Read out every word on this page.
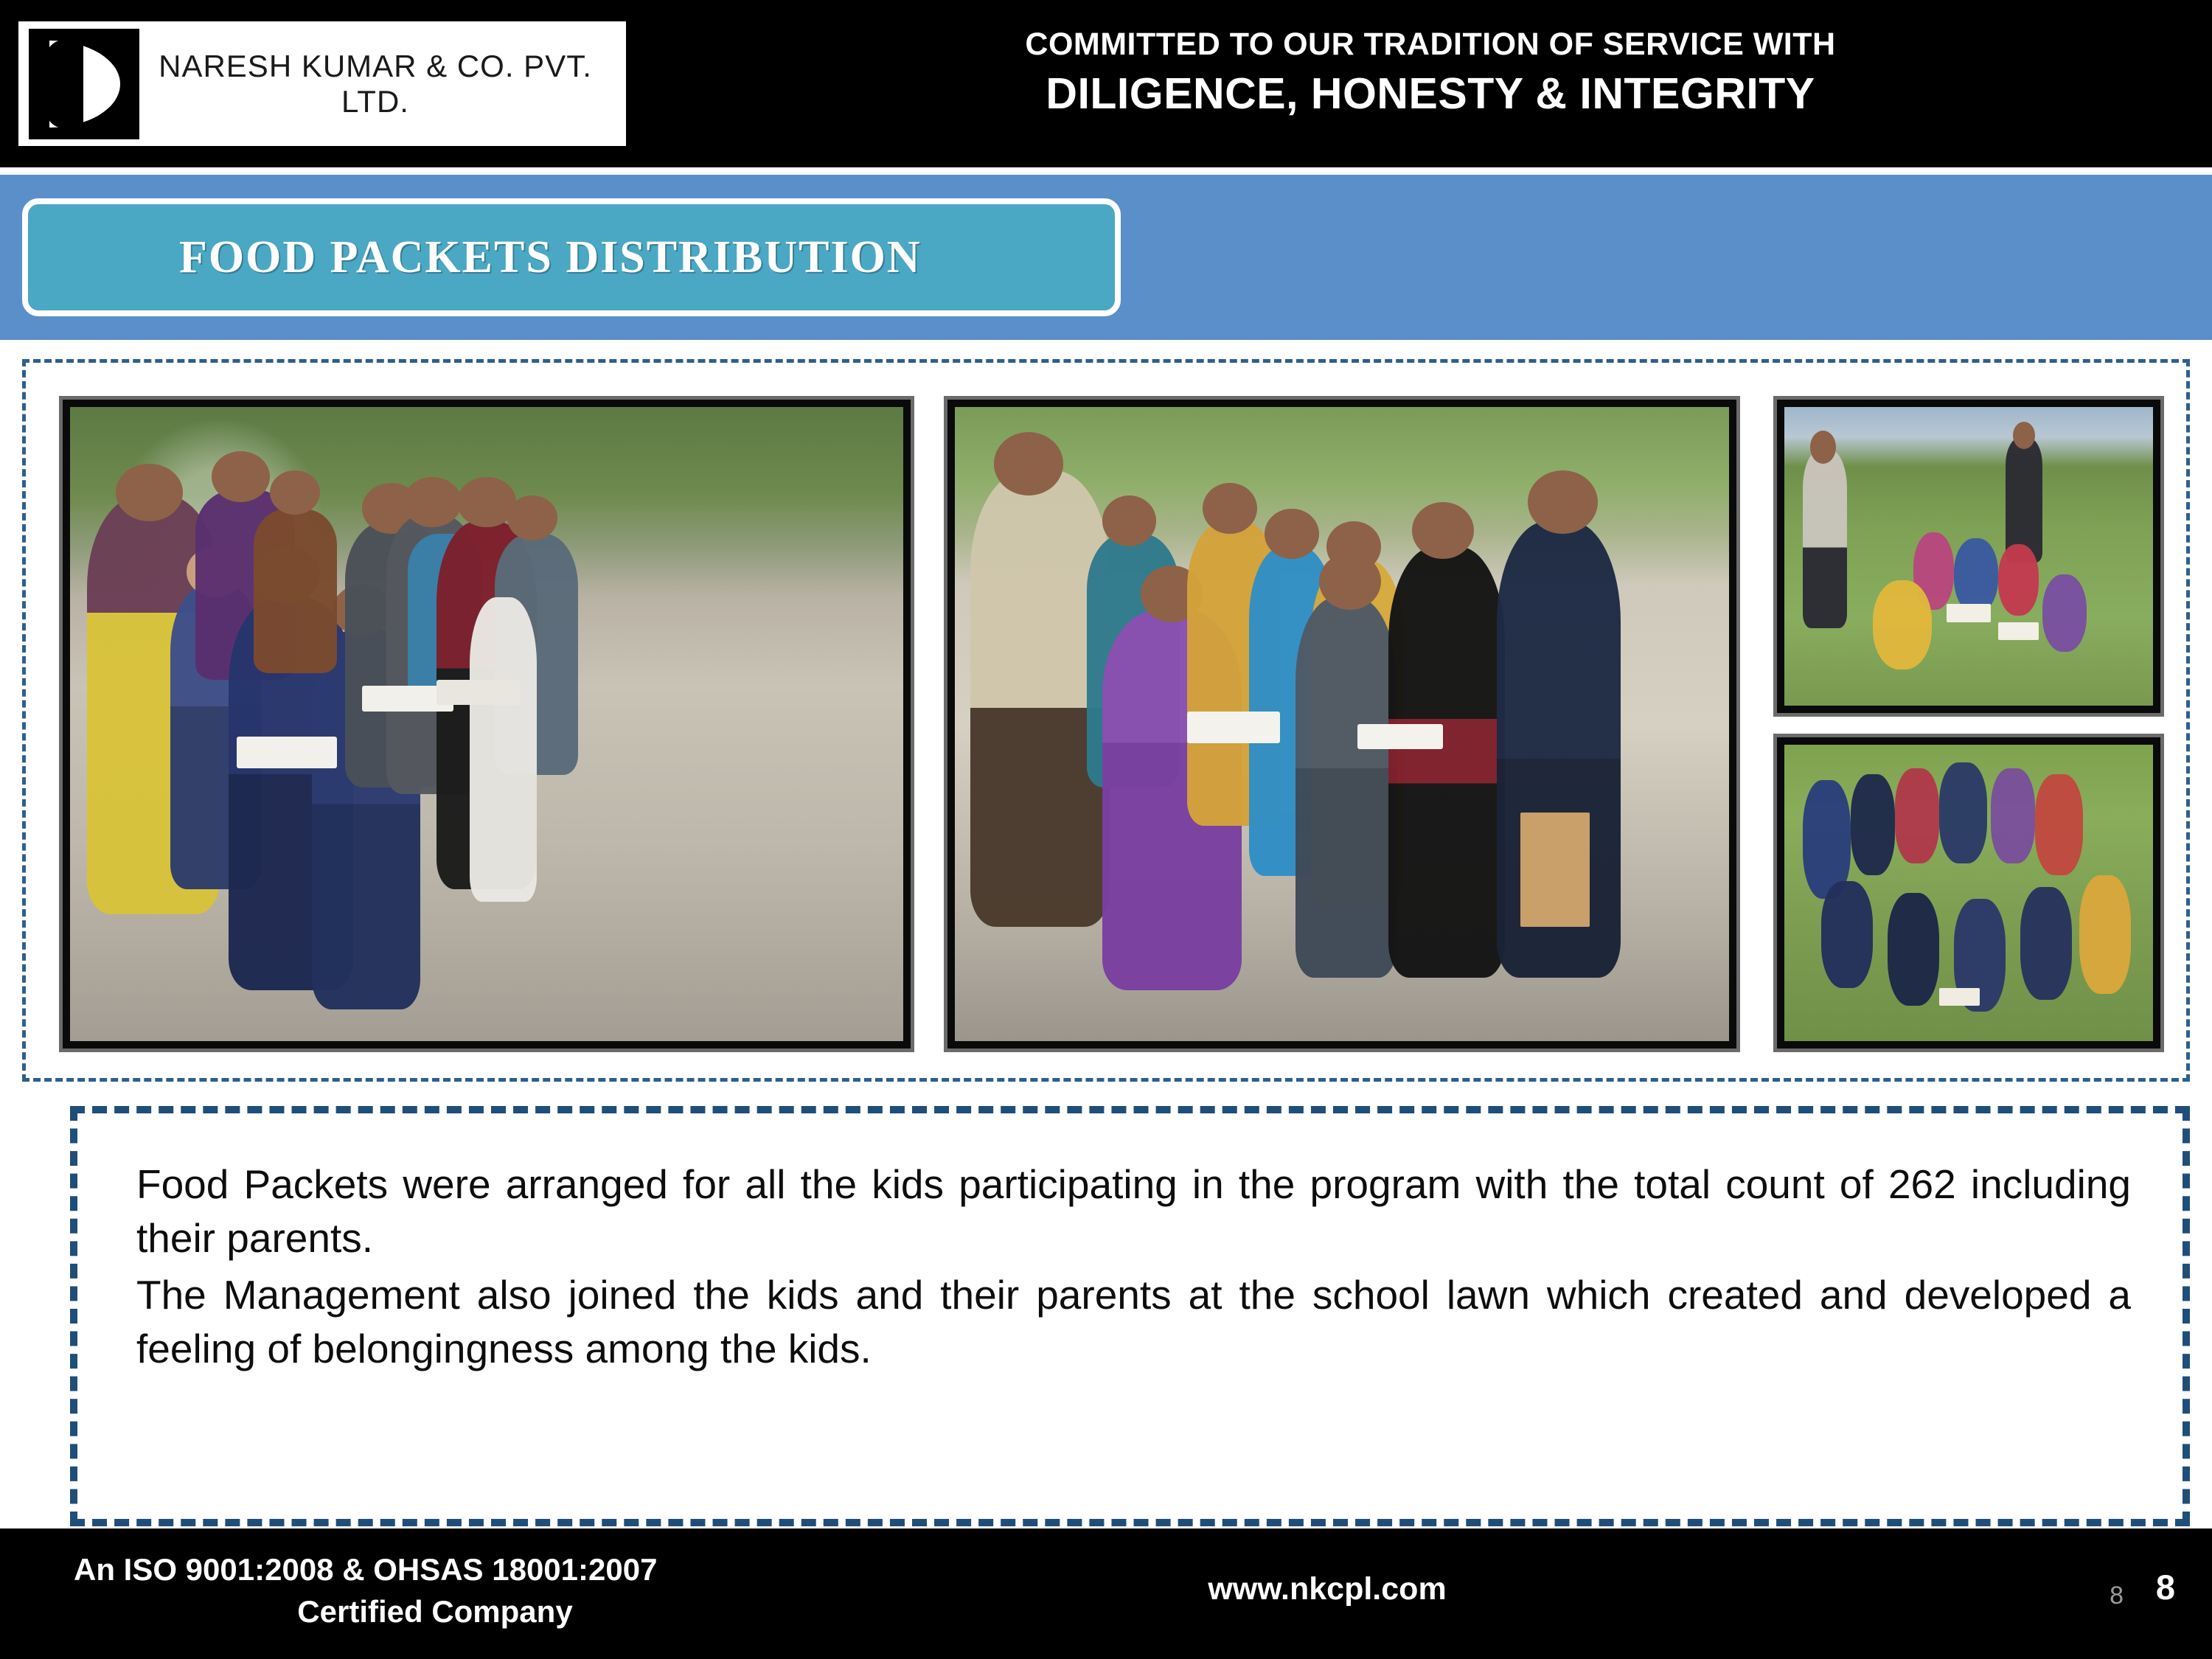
NARESH KUMAR & CO. PVT. LTD.
COMMITTED TO OUR TRADITION OF SERVICE WITH
DILIGENCE, HONESTY & INTEGRITY
FOOD PACKETS DISTRIBUTION

Food Packets were arranged for all the kids participating in the program with the total count of 262 including their parents.

The Management also joined the kids and their parents at the school lawn which created and developed a feeling of belongingness among the kids.

An ISO 9001:2008 & OHSAS 18001:2007
Certified Company
www.nkcpl.com	8 8
